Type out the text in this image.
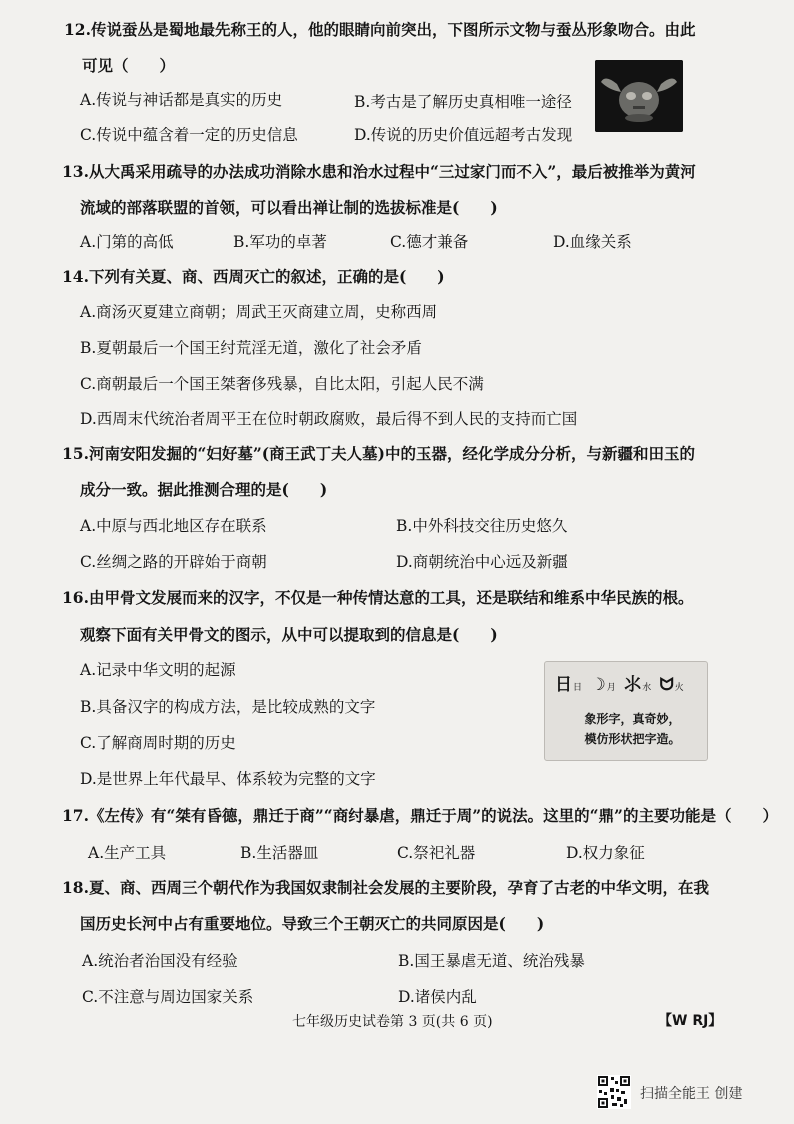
12.传说蚕丛是蜀地最先称王的人，他的眼睛向前突出，下图所示文物与蚕丛形象吻合。由此
可见（　　）
A.传说与神话都是真实的历史	B.考古是了解历史真相唯一途径
C.传说中蕴含着一定的历史信息	D.传说的历史价值远超考古发现
13.从大禹采用疏导的办法成功消除水患和治水过程中“三过家门而不入”，最后被推举为黄河
流域的部落联盟的首领，可以看出禅让制的选拔标准是(　　)
A.门第的高低	B.军功的卓著	C.德才兼备	D.血缘关系
14.下列有关夏、商、西周灭亡的叙述，正确的是(　　)
A.商汤灭夏建立商朝；周武王灭商建立周，史称西周
B.夏朝最后一个国王纣荒淫无道，激化了社会矛盾
C.商朝最后一个国王桀奢侈残暴，自比太阳，引起人民不满
D.西周末代统治者周平王在位时朝政腐败，最后得不到人民的支持而亡国
15.河南安阳发掘的“妇好墓”(商王武丁夫人墓)中的玉器，经化学成分分析，与新疆和田玉的
成分一致。据此推测合理的是(　　)
A.中原与西北地区存在联系	B.中外科技交往历史悠久
C.丝绸之路的开辟始于商朝	D.商朝统治中心远及新疆
16.由甲骨文发展而来的汉字，不仅是一种传情达意的工具，还是联结和维系中华民族的根。
观察下面有关甲骨文的图示，从中可以提取到的信息是(　　)
A.记录中华文明的起源
B.具备汉字的构成方法，是比较成熟的文字
C.了解商周时期的历史
D.是世界上年代最早、体系较为完整的文字
日日 ☽月 ⺢水 ᗢ火
象形字，真奇妙，
模仿形状把字造。
17.《左传》有“桀有昏德，鼎迁于商”“商纣暴虐，鼎迁于周”的说法。这里的“鼎”的主要功能是（　　）
A.生产工具	B.生活器皿	C.祭祀礼器	D.权力象征
18.夏、商、西周三个朝代作为我国奴隶制社会发展的主要阶段，孕育了古老的中华文明，在我
国历史长河中占有重要地位。导致三个王朝灭亡的共同原因是(　　)
A.统治者治国没有经验	B.国王暴虐无道、统治残暴
C.不注意与周边国家关系	D.诸侯内乱
七年级历史试卷第 3 页(共 6 页)	【W RJ】
扫描全能王 创建
